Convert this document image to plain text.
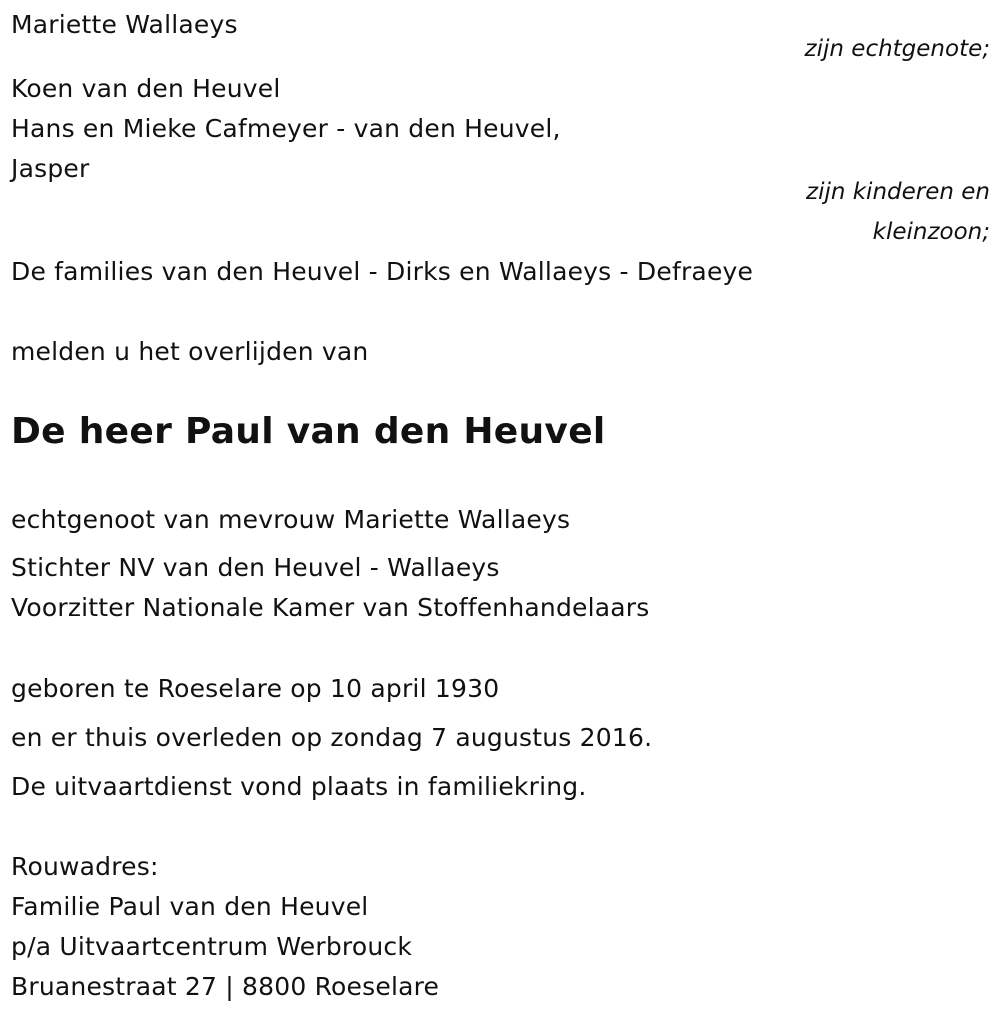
Mariette Wallaeys
zijn echtgenote;
Koen van den Heuvel
Hans en Mieke Cafmeyer - van den Heuvel,
Jasper
zijn kinderen en
kleinzoon;
De families van den Heuvel - Dirks en Wallaeys - Defraeye
melden u het overlijden van
De heer Paul van den Heuvel
echtgenoot van mevrouw Mariette Wallaeys
Stichter NV van den Heuvel - Wallaeys
Voorzitter Nationale Kamer van Stoffenhandelaars
geboren te Roeselare op 10 april 1930
en er thuis overleden op zondag 7 augustus 2016.
De uitvaartdienst vond plaats in familiekring.
Rouwadres:
Familie Paul van den Heuvel
p/a Uitvaartcentrum Werbrouck
Bruanestraat 27 | 8800 Roeselare
